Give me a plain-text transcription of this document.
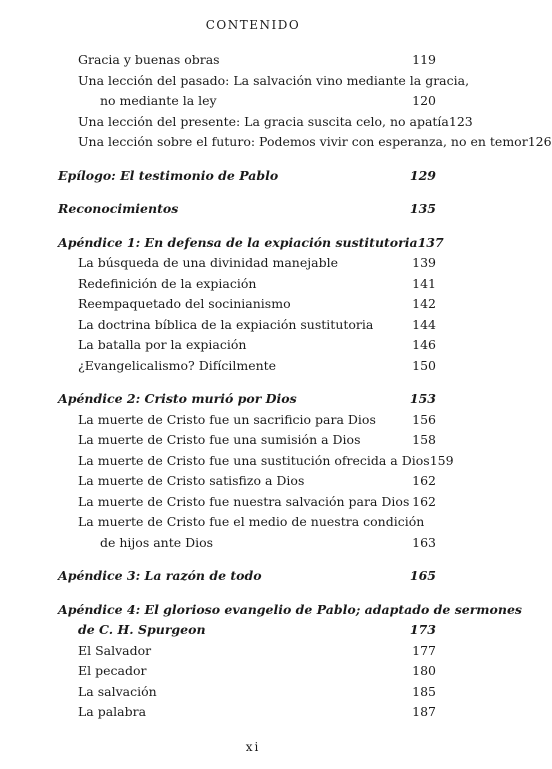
CONTENIDO
Gracia y buenas obras	119
Una lección del pasado: La salvación vino mediante la gracia,
no mediante la ley	120
Una lección del presente: La gracia suscita celo, no apatía 123
Una lección sobre el futuro: Podemos vivir con esperanza, no en temor 126
Epílogo: El testimonio de Pablo	129
Reconocimientos	135
Apéndice 1: En defensa de la expiación sustitutoria 137
La búsqueda de una divinidad manejable	139
Redefinición de la expiación	141
Reempaquetado del socinianismo	142
La doctrina bíblica de la expiación sustitutoria	144
La batalla por la expiación	146
¿Evangelicalismo? Difícilmente	150
Apéndice 2: Cristo murió por Dios	153
La muerte de Cristo fue un sacrificio para Dios	156
La muerte de Cristo fue una sumisión a Dios	158
La muerte de Cristo fue una sustitución ofrecida a Dios 159
La muerte de Cristo satisfizo a Dios	162
La muerte de Cristo fue nuestra salvación para Dios 162
La muerte de Cristo fue el medio de nuestra condición
de hijos ante Dios	163
Apéndice 3: La razón de todo	165
Apéndice 4: El glorioso evangelio de Pablo; adaptado de sermones
de C. H. Spurgeon	173
El Salvador	177
El pecador	180
La salvación	185
La palabra	187
xi
